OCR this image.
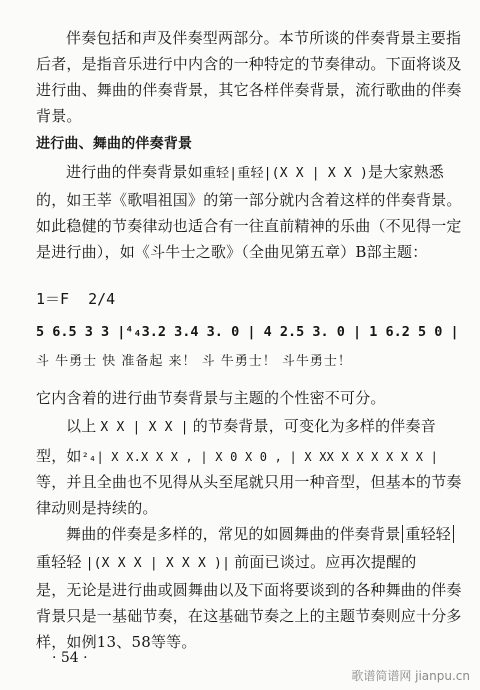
伴奏包括和声及伴奏型两部分。本节所谈的伴奏背景主要指
后者，是指音乐进行中内含的一种特定的节奏律动。下面将谈及
进行曲、舞曲的伴奏背景，其它各样伴奏背景，流行歌曲的伴奏
背景。
进行曲、舞曲的伴奏背景
进行曲的伴奏背景如重轻|重轻|(X X | X X )是大家熟悉
的，如王莘《歌唱祖国》的第一部分就内含着这样的伴奏背景。
如此稳健的节奏律动也适合有一往直前精神的乐曲（不见得一定
是进行曲），如《斗牛士之歌》（全曲见第五章）B部主题：
1＝F 2/4
5 6.5 3 3 |⁴₄3.2 3.4 3. 0 | 4 2.5 3. 0 | 1 6.2 5 0 |
斗 牛勇士 快 准备起 来！ 斗 牛勇士！ 斗牛勇士！
它内含着的进行曲节奏背景与主题的个性密不可分。
以上 X X | X X | 的节奏背景，可变化为多样的伴奏音
型，如²₄| X X.X X X , | X 0 X 0 , | X XX X X X X X X |
等，并且全曲也不见得从头至尾就只用一种音型，但基本的节奏
律动则是持续的。
舞曲的伴奏是多样的，常见的如圆舞曲的伴奏背景 重轻轻
重轻轻 |(X X X | X X X )| 前面已谈过。应再次提醒的
是，无论是进行曲或圆舞曲以及下面将要谈到的各种舞曲的伴奏
背景只是一基础节奏，在这基础节奏之上的主题节奏则应十分多
样，如例13、58等等。
· 54 ·
歌谱简谱网 jianpu.cn
